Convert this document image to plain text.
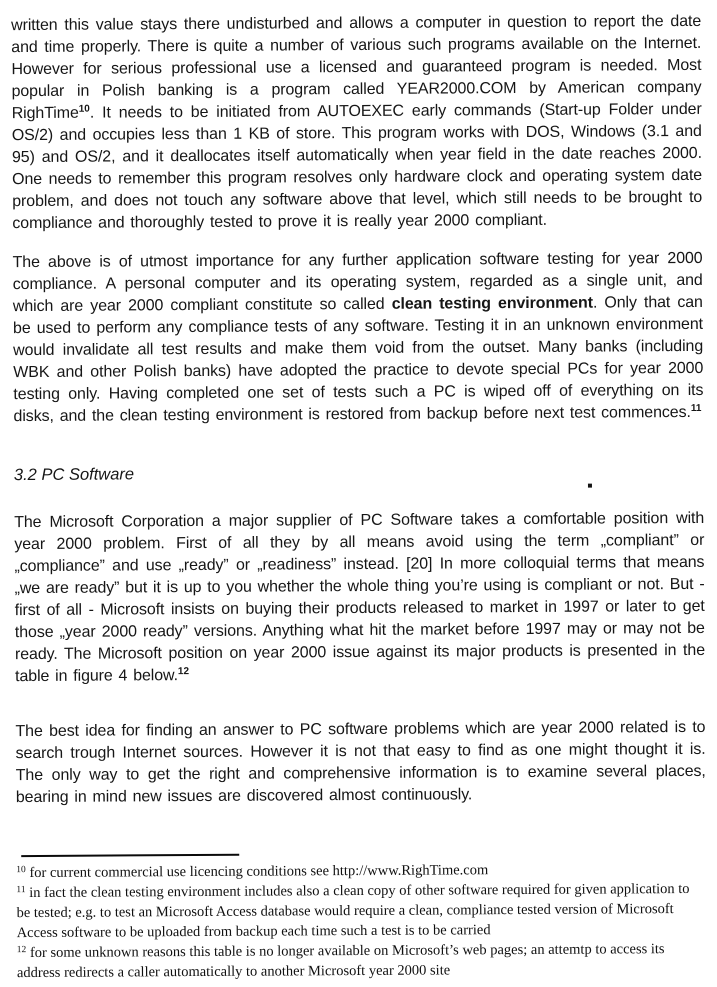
written this value stays there undisturbed and allows a computer in question to report the date and time properly. There is quite a number of various such programs available on the Internet. However for serious professional use a licensed and guaranteed program is needed. Most popular in Polish banking is a program called YEAR2000.COM by American company RighTime$^{10}$. It needs to be initiated from AUTOEXEC early commands (Start-up Folder under OS/2) and occupies less than 1 KB of store. This program works with DOS, Windows (3.1 and 95) and OS/2, and it deallocates itself automatically when year field in the date reaches 2000. One needs to remember this program resolves only hardware clock and operating system date problem, and does not touch any software above that level, which still needs to be brought to compliance and thoroughly tested to prove it is really year 2000 compliant.

The above is of utmost importance for any further application software testing for year 2000 compliance. A personal computer and its operating system, regarded as a single unit, and which are year 2000 compliant constitute so called clean testing environment. Only that can be used to perform any compliance tests of any software. Testing it in an unknown environment would invalidate all test results and make them void from the outset. Many banks (including WBK and other Polish banks) have adopted the practice to devote special PCs for year 2000 testing only. Having completed one set of tests such a PC is wiped off of everything on its disks, and the clean testing environment is restored from backup before next test commences.$^{11}$

3.2 PC Software

The Microsoft Corporation a major supplier of PC Software takes a comfortable position with year 2000 problem. First of all they by all means avoid using the term „compliant” or „compliance” and use „ready” or „readiness” instead. [20] In more colloquial terms that means „we are ready” but it is up to you whether the whole thing you’re using is compliant or not. But - first of all - Microsoft insists on buying their products released to market in 1997 or later to get those „year 2000 ready” versions. Anything what hit the market before 1997 may or may not be ready. The Microsoft position on year 2000 issue against its major products is presented in the table in figure 4 below.$^{12}$

The best idea for finding an answer to PC software problems which are year 2000 related is to search trough Internet sources. However it is not that easy to find as one might thought it is. The only way to get the right and comprehensive information is to examine several places, bearing in mind new issues are discovered almost continuously.

$^{10}$ for current commercial use licencing conditions see http://www.RighTime.com

$^{11}$ in fact the clean testing environment includes also a clean copy of other software required for given application to be tested; e.g. to test an Microsoft Access database would require a clean, compliance tested version of Microsoft Access software to be uploaded from backup each time such a test is to be carried

$^{12}$ for some unknown reasons this table is no longer available on Microsoft’s web pages; an attemtp to access its address redirects a caller automatically to another Microsoft year 2000 site
